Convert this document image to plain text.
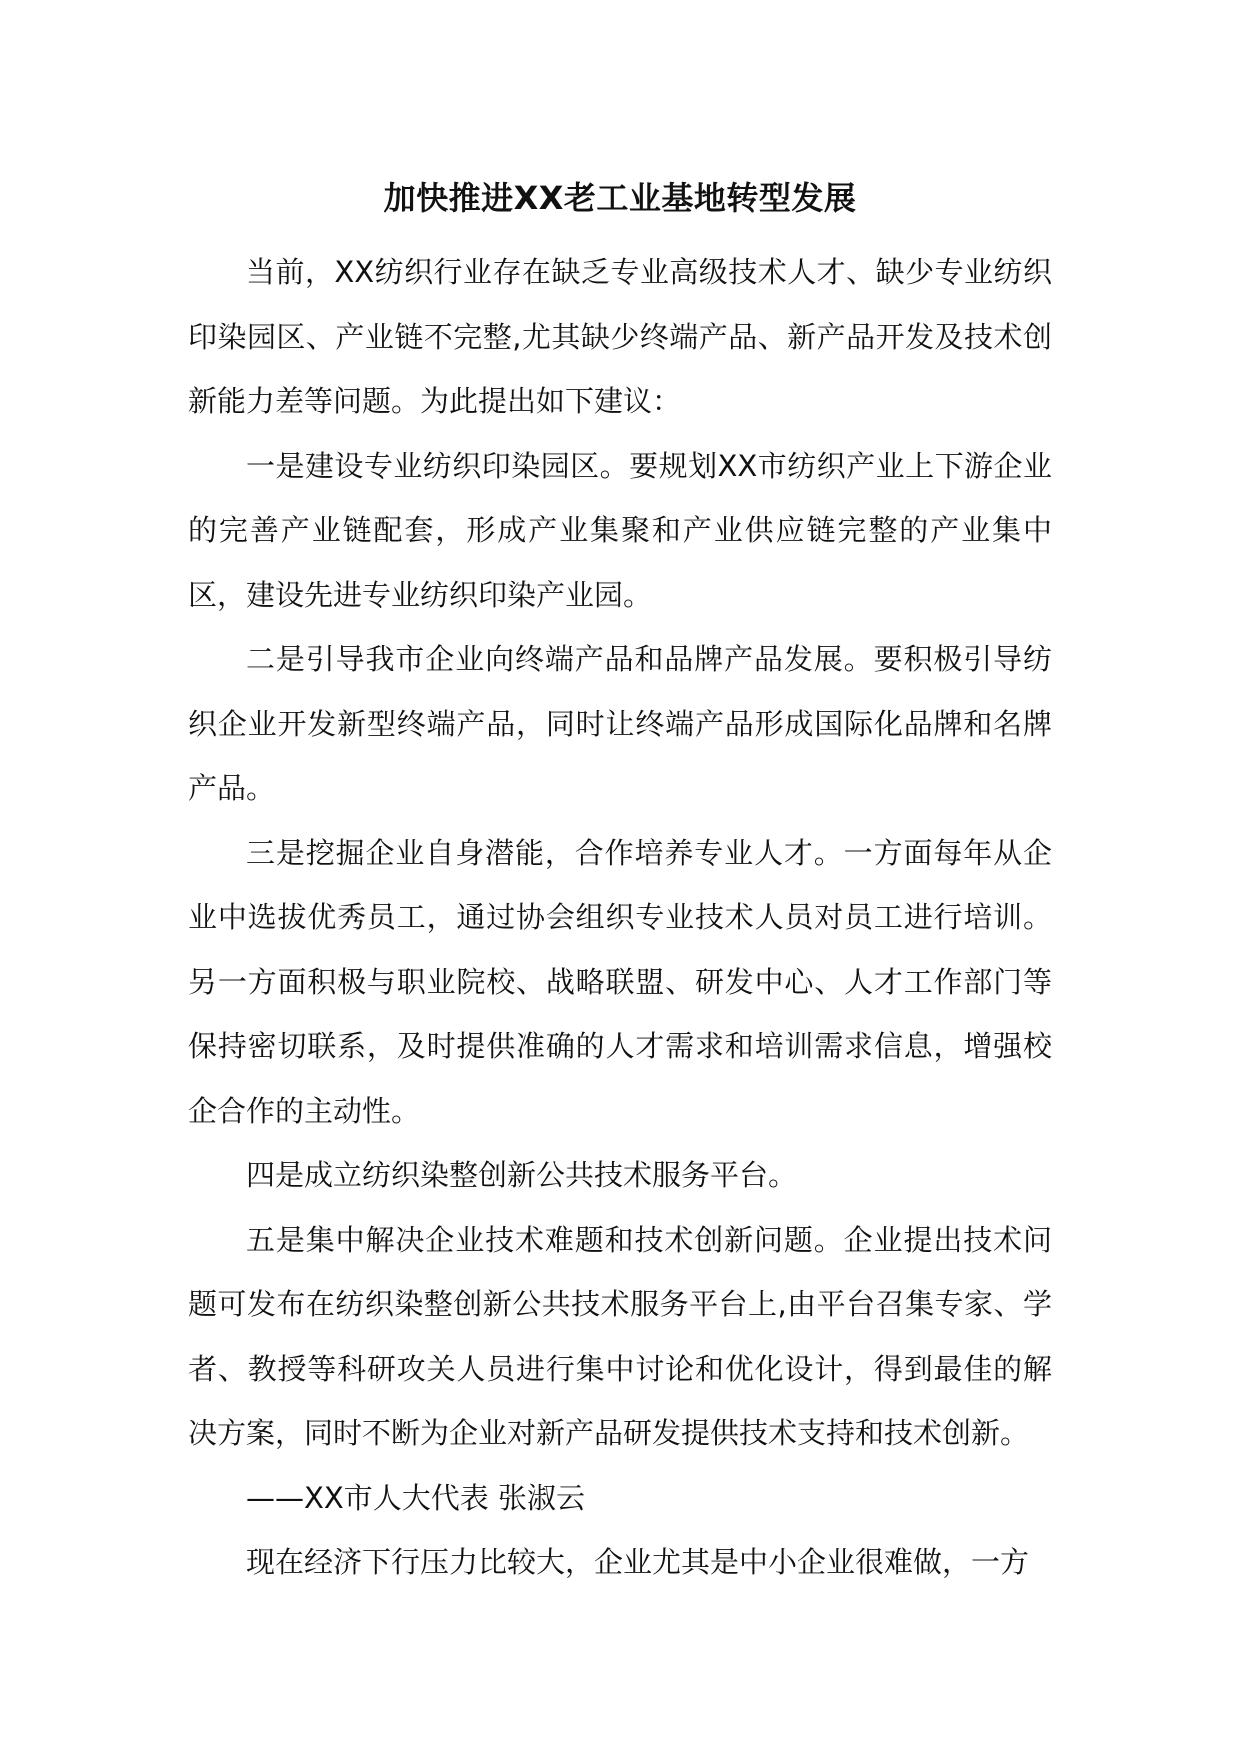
加快推进XX老工业基地转型发展

当前，XX纺织行业存在缺乏专业高级技术人才、缺少专业纺织印染园区、产业链不完整,尤其缺少终端产品、新产品开发及技术创新能力差等问题。为此提出如下建议：

一是建设专业纺织印染园区。要规划XX市纺织产业上下游企业的完善产业链配套，形成产业集聚和产业供应链完整的产业集中区，建设先进专业纺织印染产业园。

二是引导我市企业向终端产品和品牌产品发展。要积极引导纺织企业开发新型终端产品，同时让终端产品形成国际化品牌和名牌产品。

三是挖掘企业自身潜能，合作培养专业人才。一方面每年从企业中选拔优秀员工，通过协会组织专业技术人员对员工进行培训。另一方面积极与职业院校、战略联盟、研发中心、人才工作部门等保持密切联系，及时提供准确的人才需求和培训需求信息，增强校企合作的主动性。

四是成立纺织染整创新公共技术服务平台。

五是集中解决企业技术难题和技术创新问题。企业提出技术问题可发布在纺织染整创新公共技术服务平台上,由平台召集专家、学者、教授等科研攻关人员进行集中讨论和优化设计，得到最佳的解决方案，同时不断为企业对新产品研发提供技术支持和技术创新。

——XX市人大代表 张淑云

现在经济下行压力比较大，企业尤其是中小企业很难做，一方
